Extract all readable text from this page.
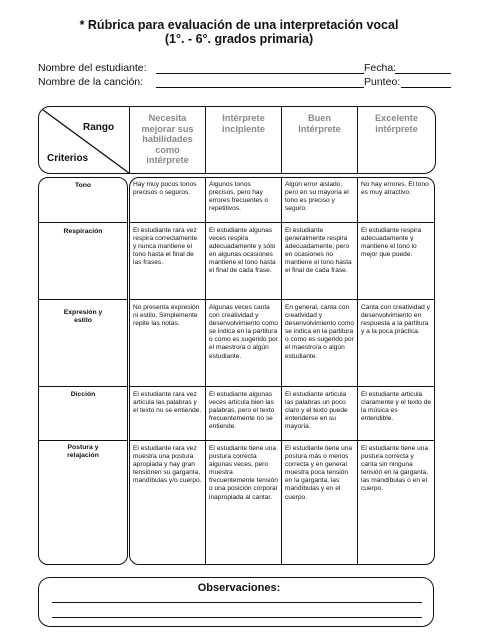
* Rúbrica para evaluación de una interpretación vocal
(1°. - 6°. grados primaria)
Nombre del estudiante:	Fecha:
Nombre de la canción:	Punteo:
Rango
Criterios
Necesita mejorar sus habilidades como intérprete
Intérprete incipiente
Buen Intérprete
Excelente intérprete
Tono
Respiración
Expresión y estilo
Dicción
Postura y relajación
Hay muy pocos tonos precisos o seguros.
Algunos tonos precisos, pero hay errores frecuentes o repetitivos.
Algún error aislado, pero en su mayoría el tono es preciso y seguro.
No hay errores. El tono es muy atractivo.
El estudiante rara vez respira correctamente y nunca mantiene el tono hasta el final de las frases.
El estudiante algunas veces respira adecuadamente y sólo en algunas ocasiones mantiene el tono hasta el final de cada frase.
El estudiante generalmente respira adecuadamente, pero en ocasiones no mantiene el tono hasta el final de cada frase.
El estudiante respira adecuadamente y mantiene el tono lo mejor que puede.
No presenta expresión ni estilo. Simplemente repite las notas.
Algunas veces canta con creatividad y desenvolvimiento como se indica en la partitura o como es sugerido por el maestro/a o algún estudiante.
En general, canta con creatividad y desenvolvimiento como se indica en la partitura o como es sugerido por el maestro/a o algún estudiante.
Canta con creatividad y desenvolvimiento en respuesta a la partitura y a la poca práctica.
El estudiante rara vez articula las palabras y el texto no se entiende.
El estudiante algunas veces articula bien las palabras, pero el texto frecuentemente no se entiende.
El estudiante articula las palabras un poco claro y el texto puede entenderse en su mayoría.
El estudiante articula claramente y el texto de la música es entendible.
El estudiante rara vez muestra una postura apropiada y hay gran tensiónen su garganta, mandíbulas y/o cuerpo.
El estudiante tiene una postura correcta algunas veces, pero muestra frecuentemente tensión o una posición corporal inapropiada al cantar.
El estudiante tiene una postura más o menos correcta y en general muestra poca tensión en la garganta, las mandíbulas y en el cuerpo.
El estudiante tiene una postura correcta y canta sin ninguna tensión en la garganta, las mandíbulas o en el cuerpo.
Observaciones:
